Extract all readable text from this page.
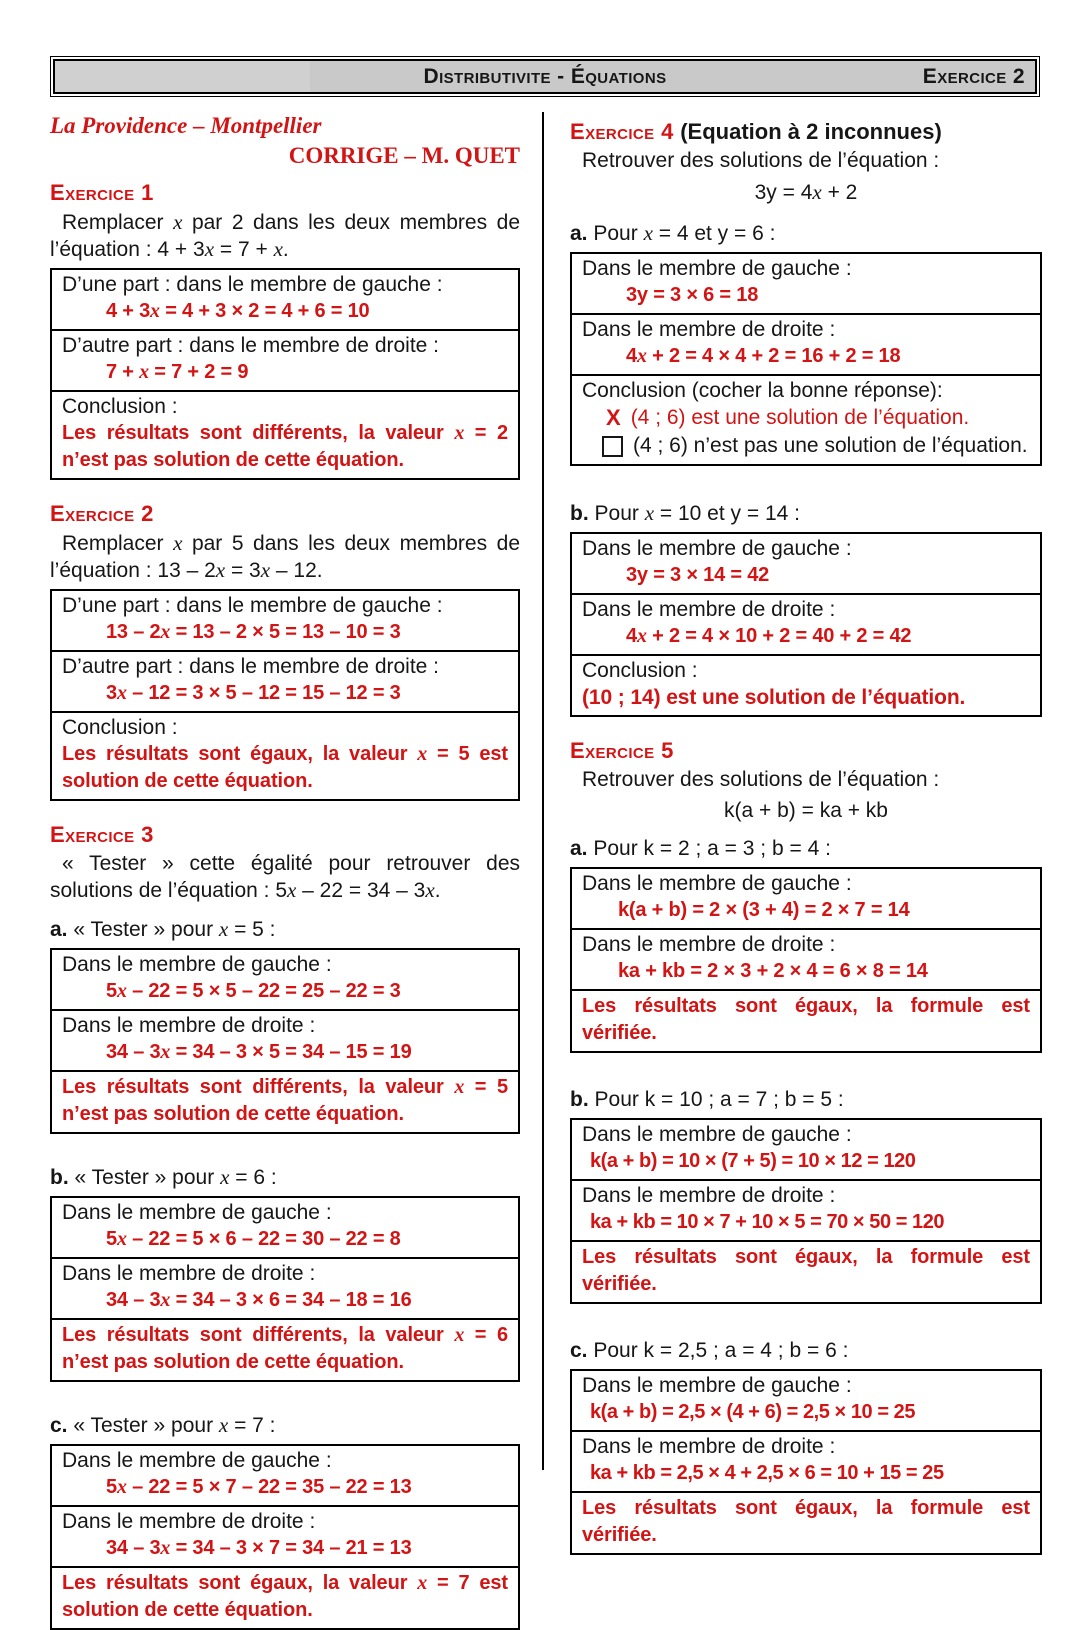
Distributivite - Équations	Exercice 2
La Providence – Montpellier
CORRIGE – M. QUET
Exercice 1
Remplacer x par 2 dans les deux membres de l’équation : 4 + 3x = 7 + x.
D’une part : dans le membre de gauche :
4 + 3x = 4 + 3 × 2 = 4 + 6 = 10
D’autre part : dans le membre de droite :
7 + x = 7 + 2 = 9
Conclusion :
Les résultats sont différents, la valeur x = 2 n’est pas solution de cette équation.
Exercice 2
Remplacer x par 5 dans les deux membres de l’équation : 13 – 2x = 3x – 12.
D’une part : dans le membre de gauche :
13 – 2x = 13 – 2 × 5 = 13 – 10 = 3
D’autre part : dans le membre de droite :
3x – 12 = 3 × 5 – 12 = 15 – 12 = 3
Conclusion :
Les résultats sont égaux, la valeur x = 5 est solution de cette équation.
Exercice 3
« Tester » cette égalité pour retrouver des solutions de l’équation : 5x – 22 = 34 – 3x.
a. « Tester » pour x = 5 :
Dans le membre de gauche :
5x – 22 = 5 × 5 – 22 = 25 – 22 = 3
Dans le membre de droite :
34 – 3x = 34 – 3 × 5 = 34 – 15 = 19
Les résultats sont différents, la valeur x = 5 n’est pas solution de cette équation.
b. « Tester » pour x = 6 :
Dans le membre de gauche :
5x – 22 = 5 × 6 – 22 = 30 – 22 = 8
Dans le membre de droite :
34 – 3x = 34 – 3 × 6 = 34 – 18 = 16
Les résultats sont différents, la valeur x = 6 n’est pas solution de cette équation.
c. « Tester » pour x = 7 :
Dans le membre de gauche :
5x – 22 = 5 × 7 – 22 = 35 – 22 = 13
Dans le membre de droite :
34 – 3x = 34 – 3 × 7 = 34 – 21 = 13
Les résultats sont égaux, la valeur x = 7 est solution de cette équation.
Exercice 4 (Equation à 2 inconnues)
Retrouver des solutions de l’équation :
3y = 4x + 2
a. Pour x = 4 et y = 6 :
Dans le membre de gauche :
3y = 3 × 6 = 18
Dans le membre de droite :
4x + 2 = 4 × 4 + 2 = 16 + 2 = 18
Conclusion (cocher la bonne réponse):
X (4 ; 6) est une solution de l’équation.
(4 ; 6) n’est pas une solution de l’équation.
b. Pour x = 10 et y = 14 :
Dans le membre de gauche :
3y = 3 × 14 = 42
Dans le membre de droite :
4x + 2 = 4 × 10 + 2 = 40 + 2 = 42
Conclusion :
(10 ; 14) est une solution de l’équation.
Exercice 5
Retrouver des solutions de l’équation :
k(a + b) = ka + kb
a. Pour k = 2 ; a = 3 ; b = 4 :
Dans le membre de gauche :
k(a + b) = 2 × (3 + 4) = 2 × 7 = 14
Dans le membre de droite :
ka + kb = 2 × 3 + 2 × 4 = 6 × 8 = 14
Les résultats sont égaux, la formule est vérifiée.
b. Pour k = 10 ; a = 7 ; b = 5 :
Dans le membre de gauche :
k(a + b) = 10 × (7 + 5) = 10 × 12 = 120
Dans le membre de droite :
ka + kb = 10 × 7 + 10 × 5 = 70 × 50 = 120
Les résultats sont égaux, la formule est vérifiée.
c. Pour k = 2,5 ; a = 4 ; b = 6 :
Dans le membre de gauche :
k(a + b) = 2,5 × (4 + 6) = 2,5 × 10 = 25
Dans le membre de droite :
ka + kb = 2,5 × 4 + 2,5 × 6 = 10 + 15 = 25
Les résultats sont égaux, la formule est vérifiée.
